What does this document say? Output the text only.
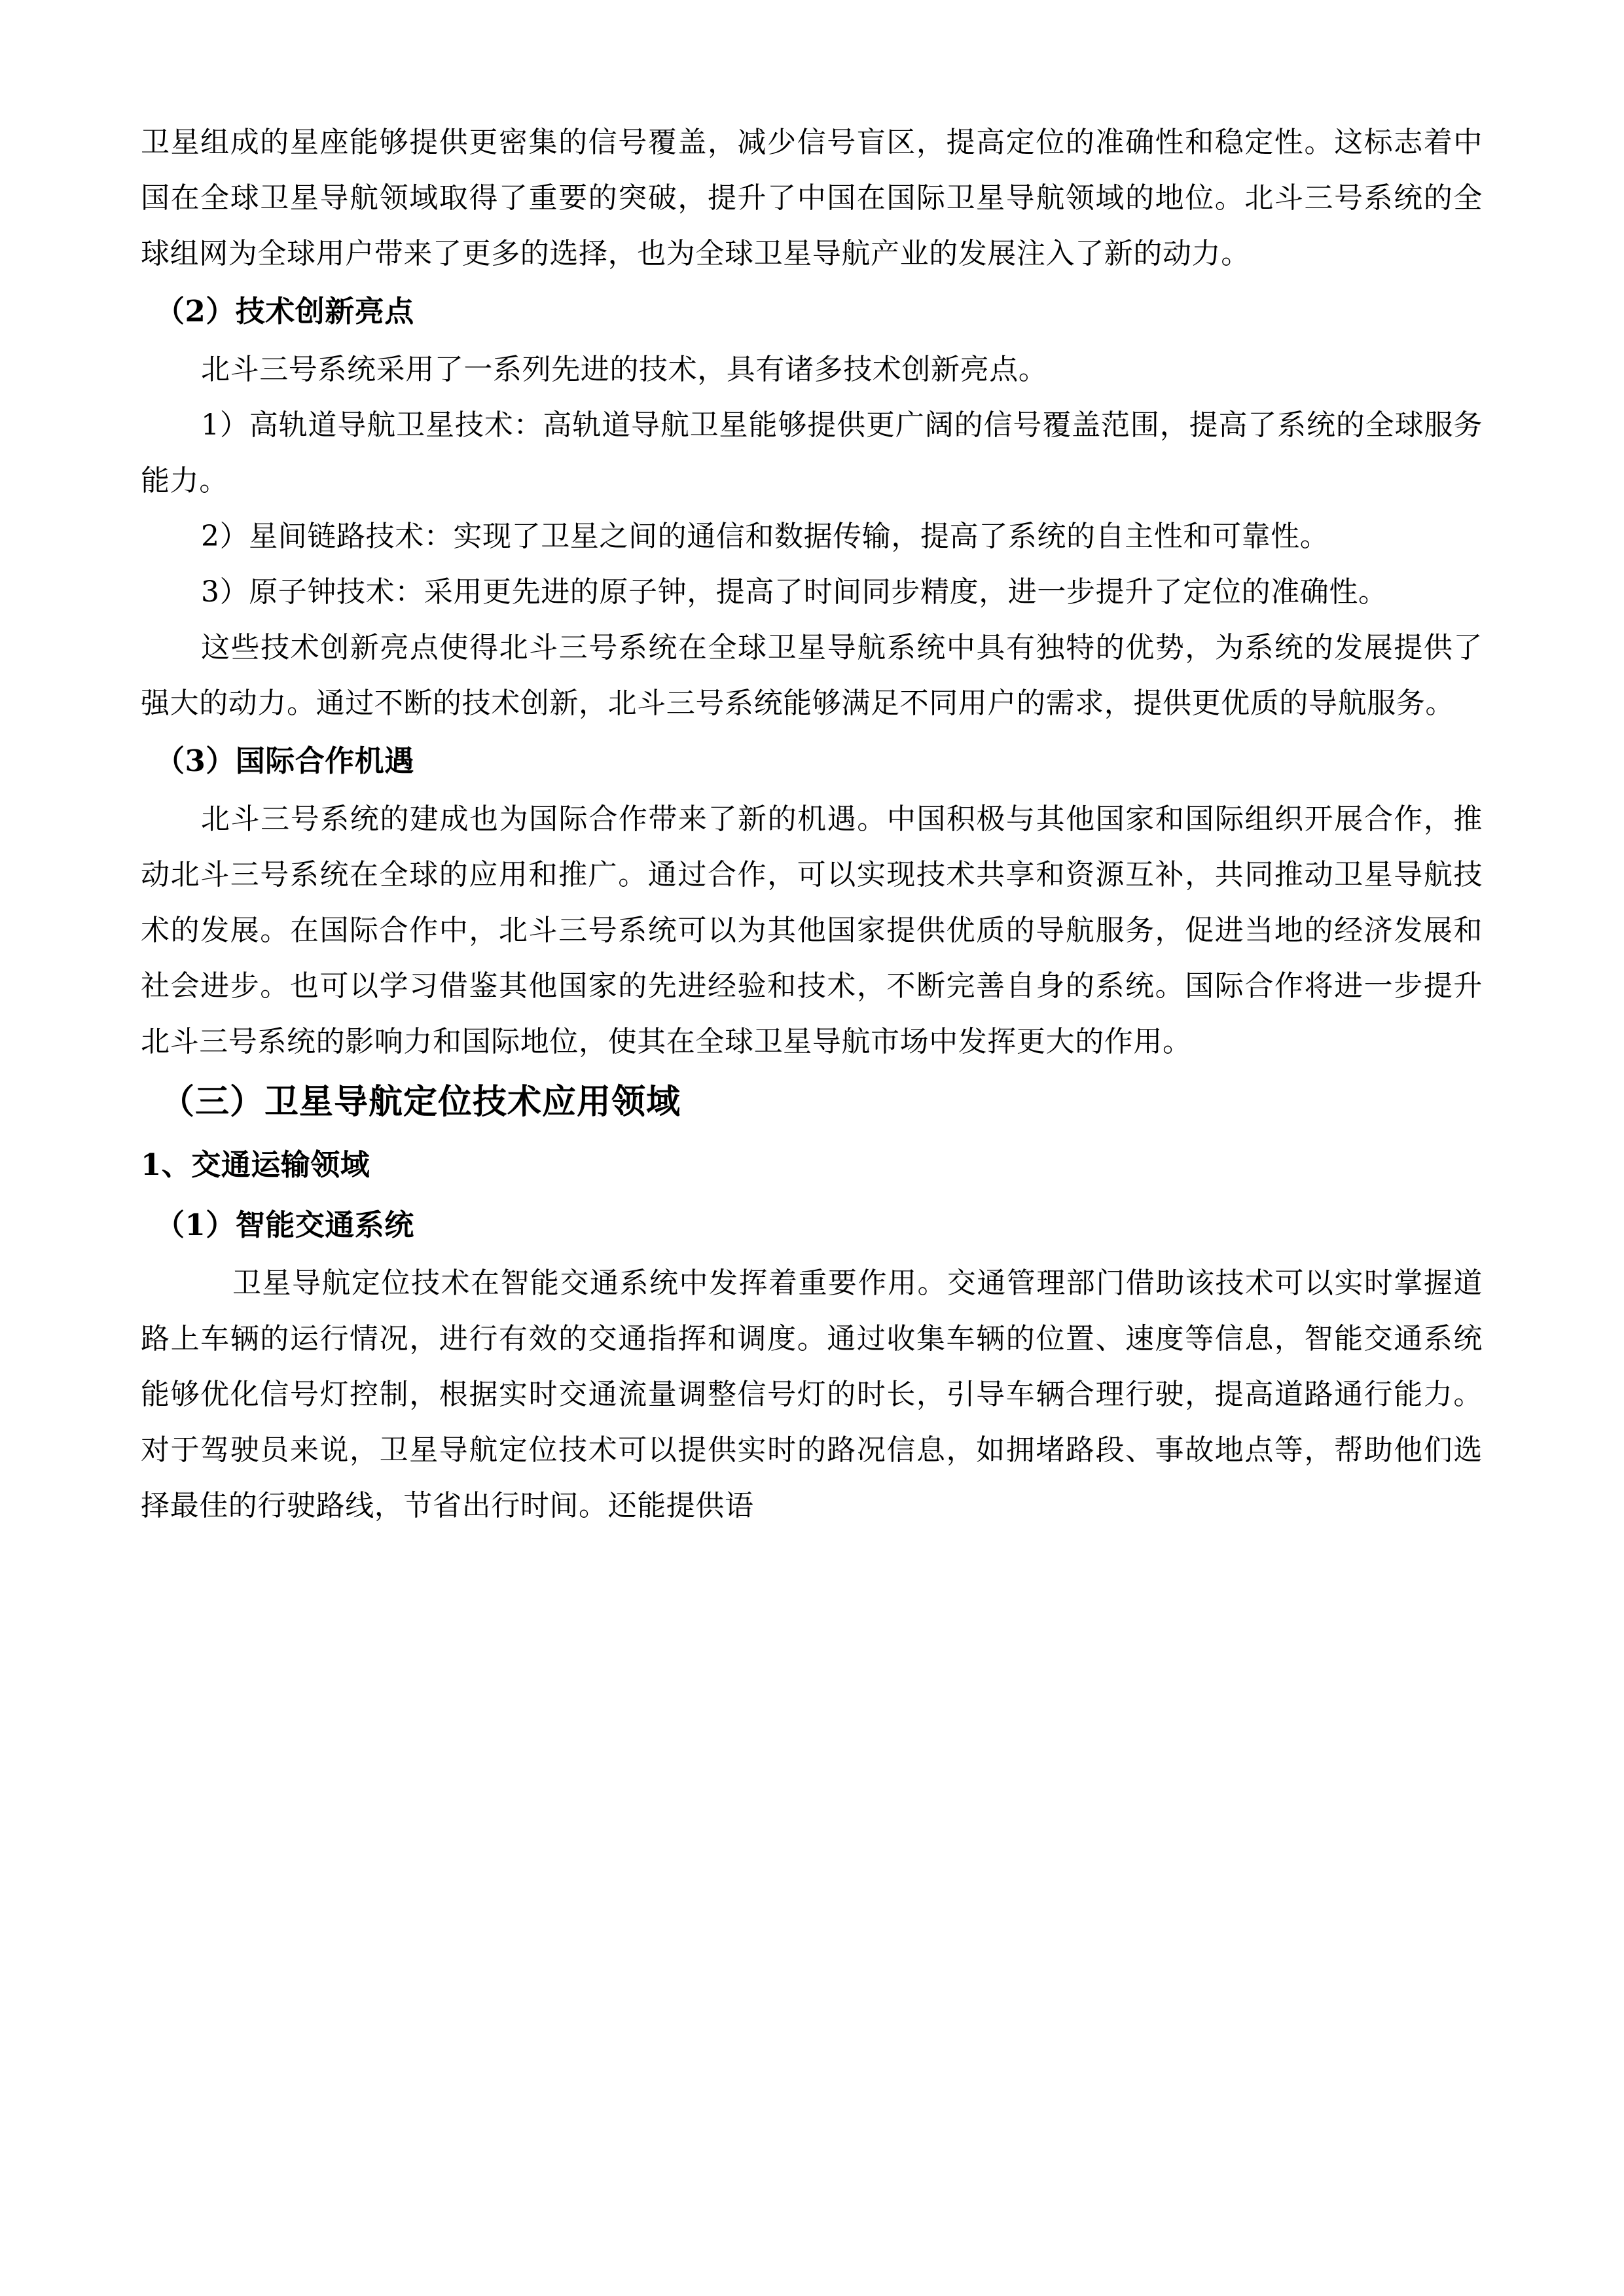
卫星组成的星座能够提供更密集的信号覆盖，减少信号盲区，提高定位的准确性和稳定性。这标志着中国在全球卫星导航领域取得了重要的突破，提升了中国在国际卫星导航领域的地位。北斗三号系统的全球组网为全球用户带来了更多的选择，也为全球卫星导航产业的发展注入了新的动力。

（2）技术创新亮点

北斗三号系统采用了一系列先进的技术，具有诸多技术创新亮点。

1）高轨道导航卫星技术：高轨道导航卫星能够提供更广阔的信号覆盖范围，提高了系统的全球服务能力。

2）星间链路技术：实现了卫星之间的通信和数据传输，提高了系统的自主性和可靠性。

3）原子钟技术：采用更先进的原子钟，提高了时间同步精度，进一步提升了定位的准确性。

这些技术创新亮点使得北斗三号系统在全球卫星导航系统中具有独特的优势，为系统的发展提供了强大的动力。通过不断的技术创新，北斗三号系统能够满足不同用户的需求，提供更优质的导航服务。

（3）国际合作机遇

北斗三号系统的建成也为国际合作带来了新的机遇。中国积极与其他国家和国际组织开展合作，推动北斗三号系统在全球的应用和推广。通过合作，可以实现技术共享和资源互补，共同推动卫星导航技术的发展。在国际合作中，北斗三号系统可以为其他国家提供优质的导航服务，促进当地的经济发展和社会进步。也可以学习借鉴其他国家的先进经验和技术，不断完善自身的系统。国际合作将进一步提升北斗三号系统的影响力和国际地位，使其在全球卫星导航市场中发挥更大的作用。

（三）卫星导航定位技术应用领域
1、交通运输领域
（1）智能交通系统

卫星导航定位技术在智能交通系统中发挥着重要作用。交通管理部门借助该技术可以实时掌握道路上车辆的运行情况，进行有效的交通指挥和调度。通过收集车辆的位置、速度等信息，智能交通系统能够优化信号灯控制，根据实时交通流量调整信号灯的时长，引导车辆合理行驶，提高道路通行能力。对于驾驶员来说，卫星导航定位技术可以提供实时的路况信息，如拥堵路段、事故地点等，帮助他们选择最佳的行驶路线，节省出行时间。还能提供语
